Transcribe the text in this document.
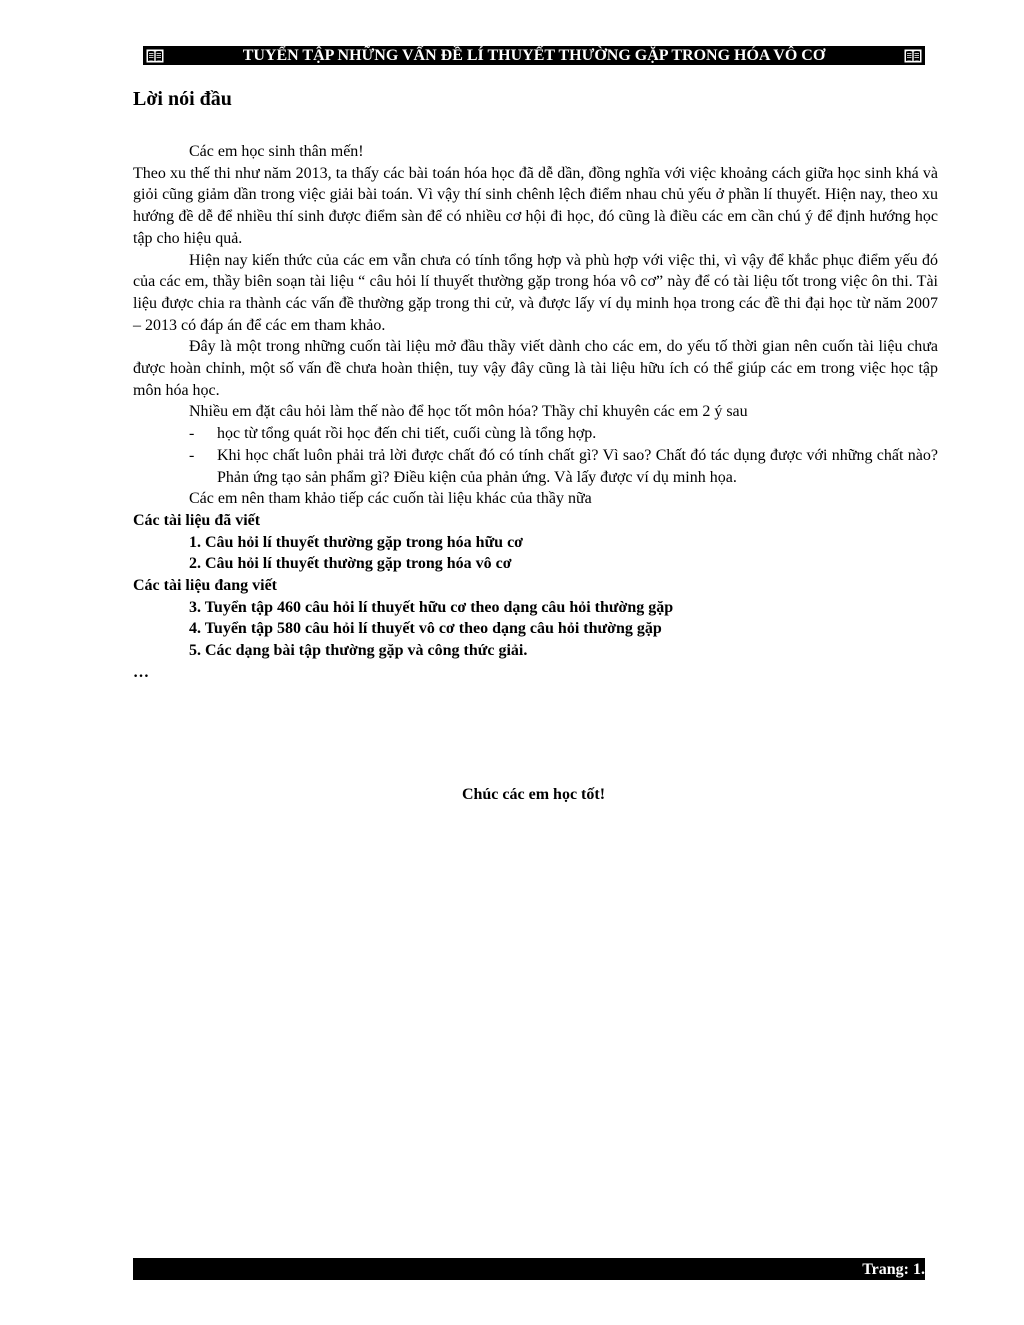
TUYỂN TẬP NHỮNG VẤN ĐỀ LÍ THUYẾT THƯỜNG GẶP TRONG HÓA VÔ CƠ
Lời nói đầu

Các em học sinh thân mến!

Theo xu thế thi như năm 2013, ta thấy các bài toán hóa học đã dễ dần, đồng nghĩa với việc khoảng cách giữa học sinh khá và giỏi cũng giảm dần trong việc giải bài toán. Vì vậy thí sinh chênh lệch điểm nhau chủ yếu ở phần lí thuyết. Hiện nay, theo xu hướng đề dễ để nhiều thí sinh được điểm sàn để có nhiều cơ hội đi học, đó cũng là điều các em cần chú ý để định hướng học tập cho hiệu quả.

Hiện nay kiến thức của các em vẫn chưa có tính tổng hợp và phù hợp với việc thi, vì vậy để khắc phục điểm yếu đó của các em, thầy biên soạn tài liệu “ câu hỏi lí thuyết thường gặp trong hóa vô cơ” này để có tài liệu tốt trong việc ôn thi. Tài liệu được chia ra thành các vấn đề thường gặp trong thi cử, và được lấy ví dụ minh họa trong các đề thi đại học từ năm 2007 – 2013 có đáp án để các em tham khảo.

Đây là một trong những cuốn tài liệu mở đầu thầy viết dành cho các em, do yếu tố thời gian nên cuốn tài liệu chưa được hoàn chỉnh, một số vấn đề chưa hoàn thiện, tuy vậy đây cũng là tài liệu hữu ích có thể giúp các em trong việc học tập môn hóa học.

Nhiều em đặt câu hỏi làm thế nào để học tốt môn hóa? Thầy chỉ khuyên các em 2 ý sau

- học từ tổng quát rồi học đến chi tiết, cuối cùng là tổng hợp.
- Khi học chất luôn phải trả lời được chất đó có tính chất gì? Vì sao? Chất đó tác dụng được với những chất nào? Phản ứng tạo sản phẩm gì? Điều kiện của phản ứng. Và lấy được ví dụ minh họa.

Các em nên tham khảo tiếp các cuốn tài liệu khác của thầy nữa

Các tài liệu đã viết

1. Câu hỏi lí thuyết thường gặp trong hóa hữu cơ
2. Câu hỏi lí thuyết thường gặp trong hóa vô cơ

Các tài liệu đang viết

3. Tuyển tập 460 câu hỏi lí thuyết hữu cơ theo dạng câu hỏi thường gặp
4. Tuyển tập 580 câu hỏi lí thuyết vô cơ theo dạng câu hỏi thường gặp
5. Các dạng bài tập thường gặp và công thức giải.

…

Chúc các em học tốt!

Trang: 1.
